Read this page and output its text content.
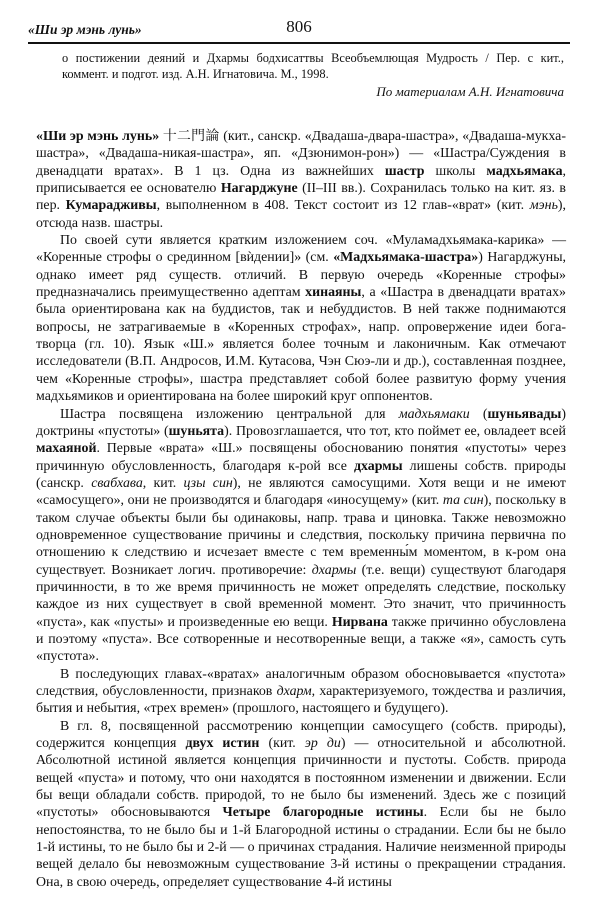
«Ши эр мэнь лунь»	806
о постижении деяний и Дхармы бодхисаттвы Всеобъемлющая Мудрость / Пер. с кит., коммент. и подгот. изд. А.Н. Игнатовича. М., 1998.
По материалам А.Н. Игнатовича

«Ши эр мэнь лунь» 十二門論 (кит., санскр. «Двадаша-двара-шастра», «Двадаша-мукха-шастра», «Двадаша-никая-шастра», яп. «Дзюнимон-рон») — «Шастра/Суждения в двенадцати вратах». В 1 цз. Одна из важнейших шастр школы мадхьямака, приписывается ее основателю Нагарджуне (II–III вв.). Сохранилась только на кит. яз. в пер. Кумарадживы, выполненном в 408. Текст состоит из 12 глав-«врат» (кит. мэнь), отсюда назв. шастры.

По своей сути является кратким изложением соч. «Муламадхьямака-карика» — «Коренные строфы о срединном [вѝдении]» (см. «Мадхьямака-шастра») Нагарджуны, однако имеет ряд существ. отличий. В первую очередь «Коренные строфы» предназначались преимущественно адептам хинаяны, а «Шастра в двенадцати вратах» была ориентирована как на буддистов, так и небуддистов. В ней также поднимаются вопросы, не затрагиваемые в «Коренных строфах», напр. опровержение идеи бога-творца (гл. 10). Язык «Ш.» является более точным и лаконичным. Как отмечают исследователи (В.П. Андросов, И.М. Кутасова, Чэн Сюэ-ли и др.), составленная позднее, чем «Коренные строфы», шастра представляет собой более развитую форму учения мадхьямиков и ориентирована на более широкий круг оппонентов.

Шастра посвящена изложению центральной для мадхьямаки (шуньявады) доктрины «пустоты» (шуньята). Провозглашается, что тот, кто поймет ее, овладеет всей махаяной. Первые «врата» «Ш.» посвящены обоснованию понятия «пустоты» через причинную обусловленность, благодаря к-рой все дхармы лишены собств. природы (санскр. свабхава, кит. цзы син), не являются самосущими. Хотя вещи и не имеют «самосущего», они не производятся и благодаря «иносущему» (кит. та син), поскольку в таком случае объекты были бы одинаковы, напр. трава и циновка. Также невозможно одновременное существование причины и следствия, поскольку причина первична по отношению к следствию и исчезает вместе с тем временны́м моментом, в к-ром она существует. Возникает логич. противоречие: дхармы (т.е. вещи) существуют благодаря причинности, в то же время причинность не может определять следствие, поскольку каждое из них существует в свой временной момент. Это значит, что причинность «пуста», как «пусты» и произведенные ею вещи. Нирвана также причинно обусловлена и поэтому «пуста». Все сотворенные и несотворенные вещи, а также «я», самость суть «пустота».

В последующих главах-«вратах» аналогичным образом обосновывается «пустота» следствия, обусловленности, признаков дхарм, характеризуемого, тождества и различия, бытия и небытия, «трех времен» (прошлого, настоящего и будущего).

В гл. 8, посвященной рассмотрению концепции самосущего (собств. природы), содержится концепция двух истин (кит. эр ди) — относительной и абсолютной. Абсолютной истиной является концепция причинности и пустоты. Собств. природа вещей «пуста» и потому, что они находятся в постоянном изменении и движении. Если бы вещи обладали собств. природой, то не было бы изменений. Здесь же с позиций «пустоты» обосновываются Четыре благородные истины. Если бы не было непостоянства, то не было бы и 1-й Благородной истины о страдании. Если бы не было 1-й истины, то не было бы и 2-й — о причинах страдания. Наличие неизменной природы вещей делало бы невозможным существование 3-й истины о прекращении страдания. Она, в свою очередь, определяет существование 4-й истины
